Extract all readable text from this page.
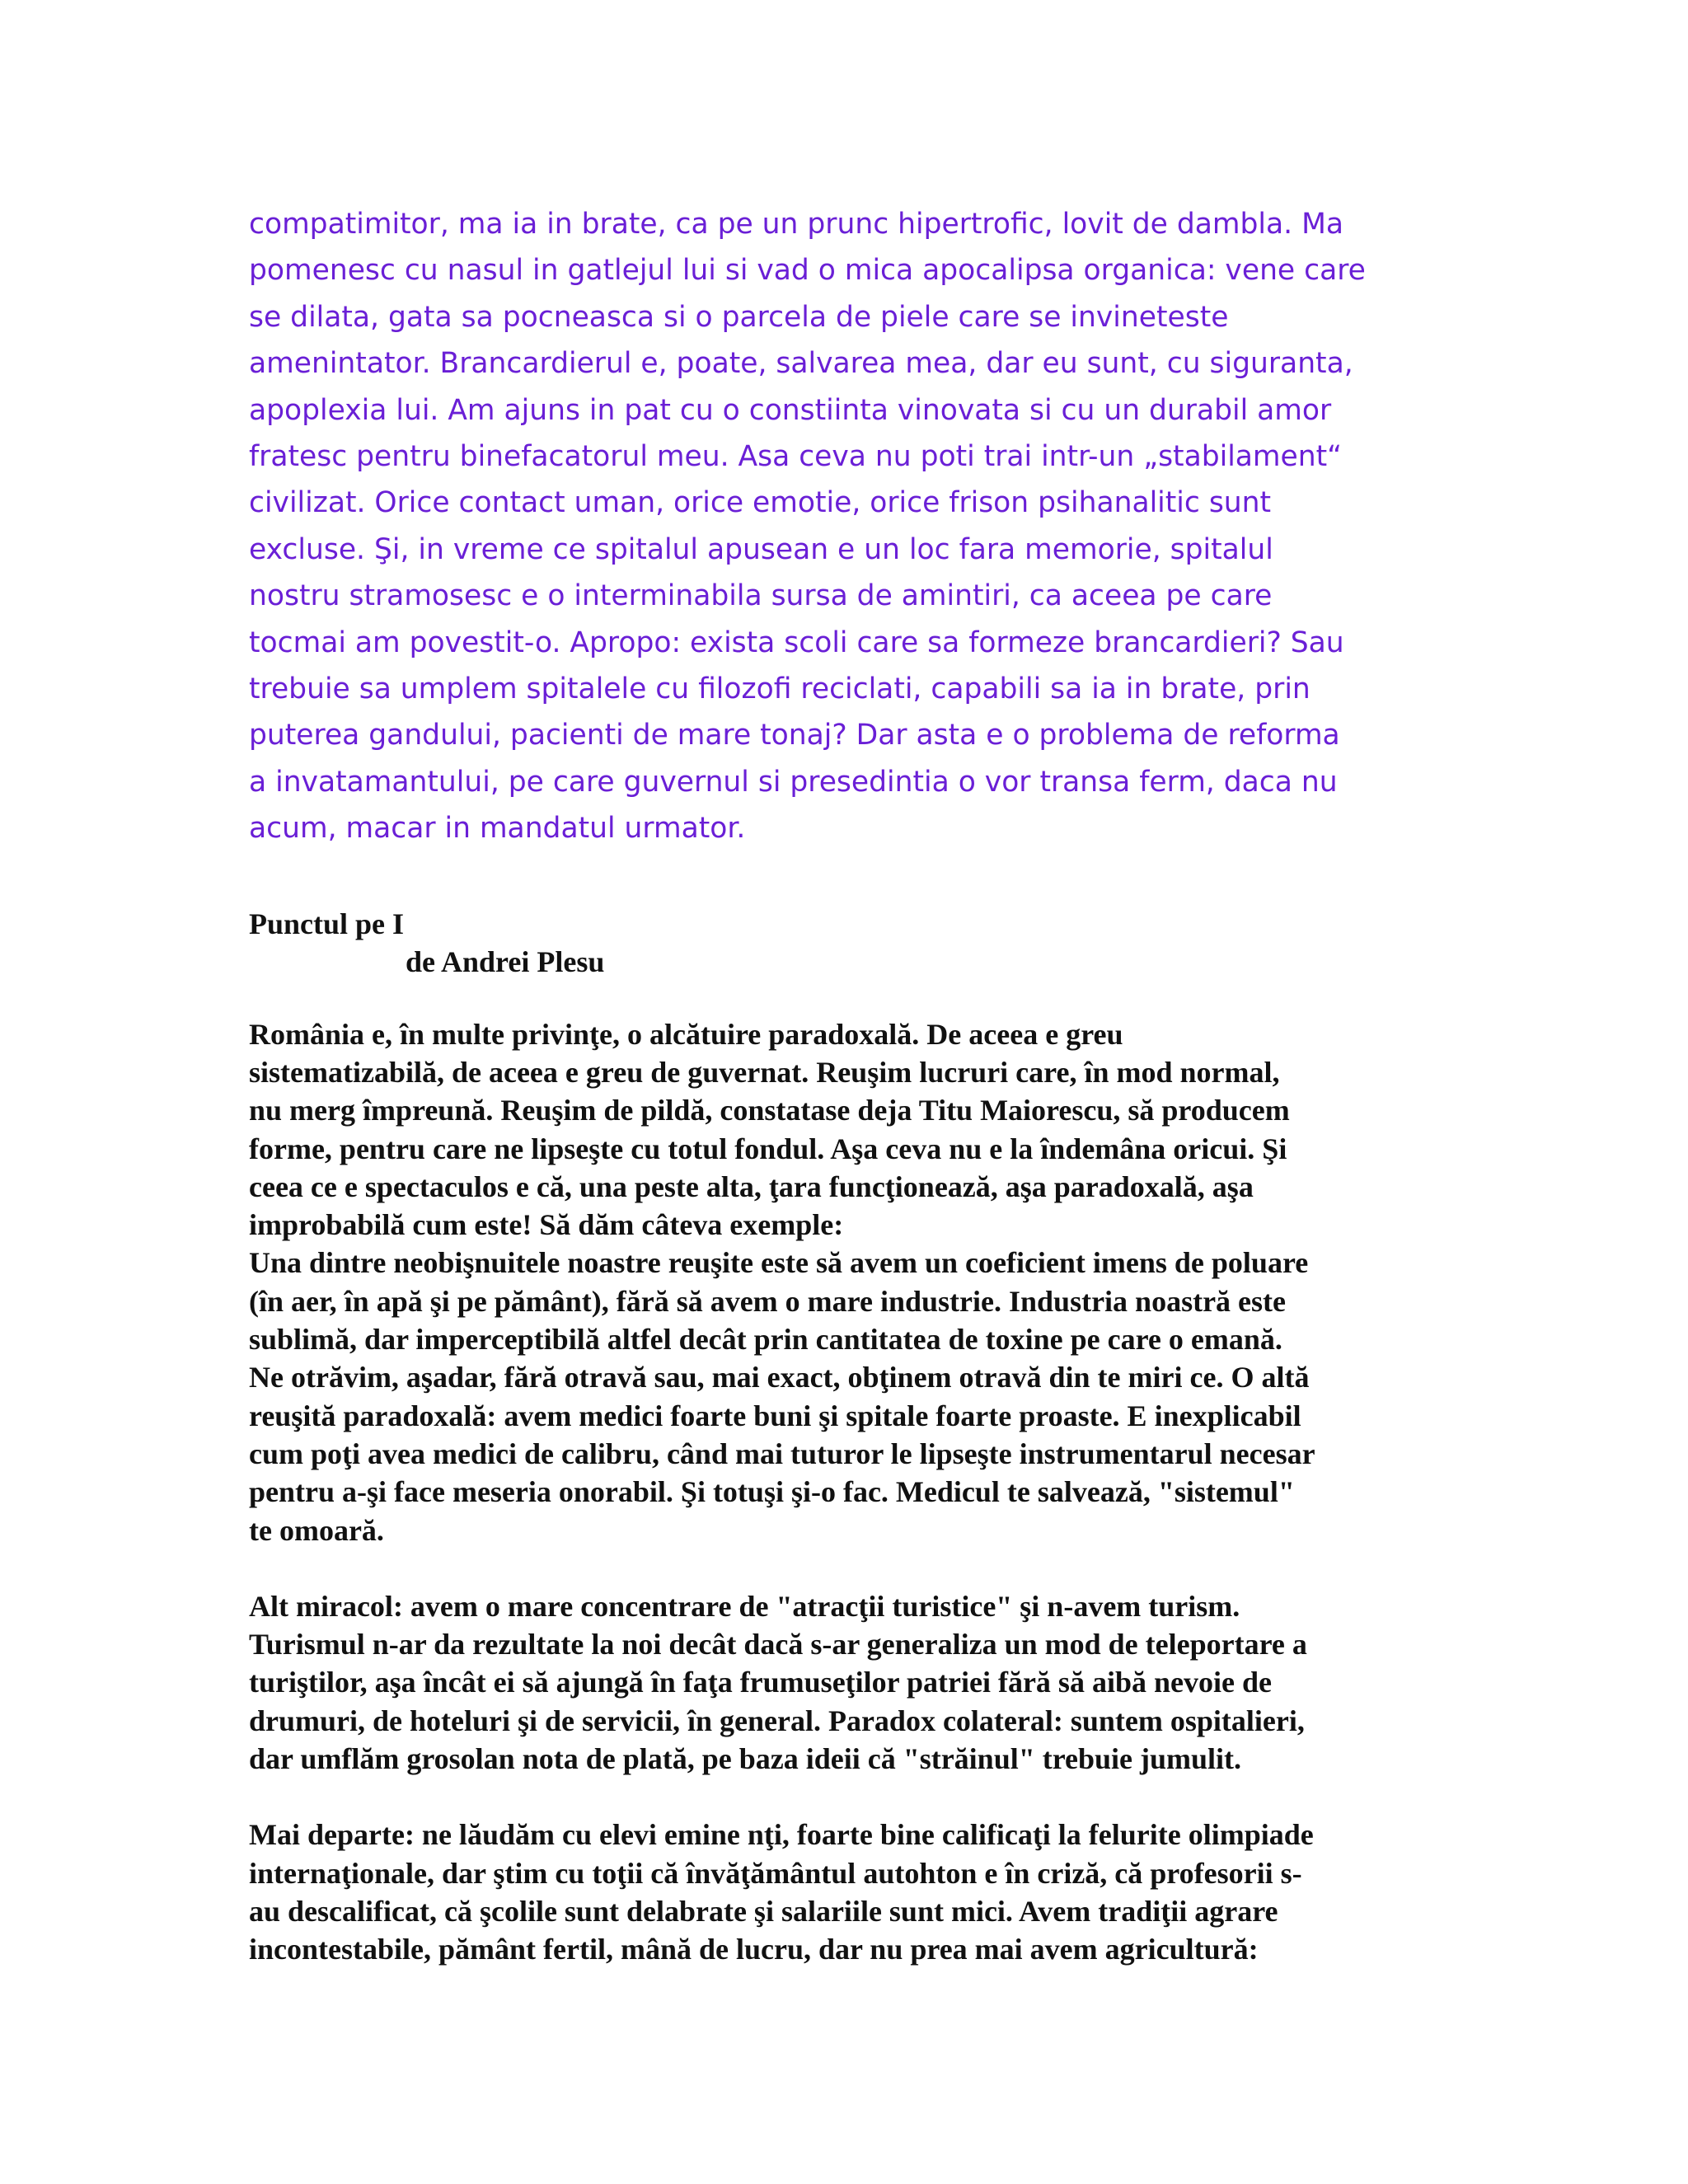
compatimitor, ma ia in brate, ca pe un prunc hipertrofic, lovit de dambla. Ma
pomenesc cu nasul in gatlejul lui si vad o mica apocalipsa organica: vene care
se dilata, gata sa pocneasca si o parcela de piele care se invineteste
amenintator. Brancardierul e, poate, salvarea mea, dar eu sunt, cu siguranta,
apoplexia lui. Am ajuns in pat cu o constiinta vinovata si cu un durabil amor
fratesc pentru binefacatorul meu. Asa ceva nu poti trai intr-un „stabilament“
civilizat. Orice contact uman, orice emotie, orice frison psihanalitic sunt
excluse. Şi, in vreme ce spitalul apusean e un loc fara memorie, spitalul
nostru stramosesc e o interminabila sursa de amintiri, ca aceea pe care
tocmai am povestit-o. Apropo: exista scoli care sa formeze brancardieri? Sau
trebuie sa umplem spitalele cu filozofi reciclati, capabili sa ia in brate, prin
puterea gandului, pacienti de mare tonaj? Dar asta e o problema de reforma
a invatamantului, pe care guvernul si presedintia o vor transa ferm, daca nu
acum, macar in mandatul urmator.
Punctul pe I
de Andrei Plesu
România e, în multe privinţe, o alcătuire paradoxală. De aceea e greu
sistematizabilă, de aceea e greu de guvernat. Reuşim lucruri care, în mod normal,
nu merg împreună. Reuşim de pildă, constatase deja Titu Maiorescu, să producem
forme, pentru care ne lipseşte cu totul fondul. Aşa ceva nu e la îndemâna oricui. Şi
ceea ce e spectaculos e că, una peste alta, ţara funcţionează, aşa paradoxală, aşa
improbabilă cum este! Să dăm câteva exemple:
Una dintre neobişnuitele noastre reuşite este să avem un coeficient imens de poluare
(în aer, în apă şi pe pământ), fără să avem o mare industrie. Industria noastră este
sublimă, dar imperceptibilă altfel decât prin cantitatea de toxine pe care o emană.
Ne otrăvim, aşadar, fără otravă sau, mai exact, obţinem otravă din te miri ce. O altă
reuşită paradoxală: avem medici foarte buni şi spitale foarte proaste. E inexplicabil
cum poţi avea medici de calibru, când mai tuturor le lipseşte instrumentarul necesar
pentru a-şi face meseria onorabil. Şi totuşi şi-o fac. Medicul te salvează, "sistemul"
te omoară.
Alt miracol: avem o mare concentrare de "atracţii turistice" şi n-avem turism.
Turismul n-ar da rezultate la noi decât dacă s-ar generaliza un mod de teleportare a
turiştilor, aşa încât ei să ajungă în faţa frumuseţilor patriei fără să aibă nevoie de
drumuri, de hoteluri şi de servicii, în general. Paradox colateral: suntem ospitalieri,
dar umflăm grosolan nota de plată, pe baza ideii că "străinul" trebuie jumulit.
Mai departe: ne lăudăm cu elevi emine nţi, foarte bine calificaţi la felurite olimpiade
internaţionale, dar ştim cu toţii că învăţământul autohton e în criză, că profesorii s-
au descalificat, că şcolile sunt delabrate şi salariile sunt mici. Avem tradiţii agrare
incontestabile, pământ fertil, mână de lucru, dar nu prea mai avem agricultură:
